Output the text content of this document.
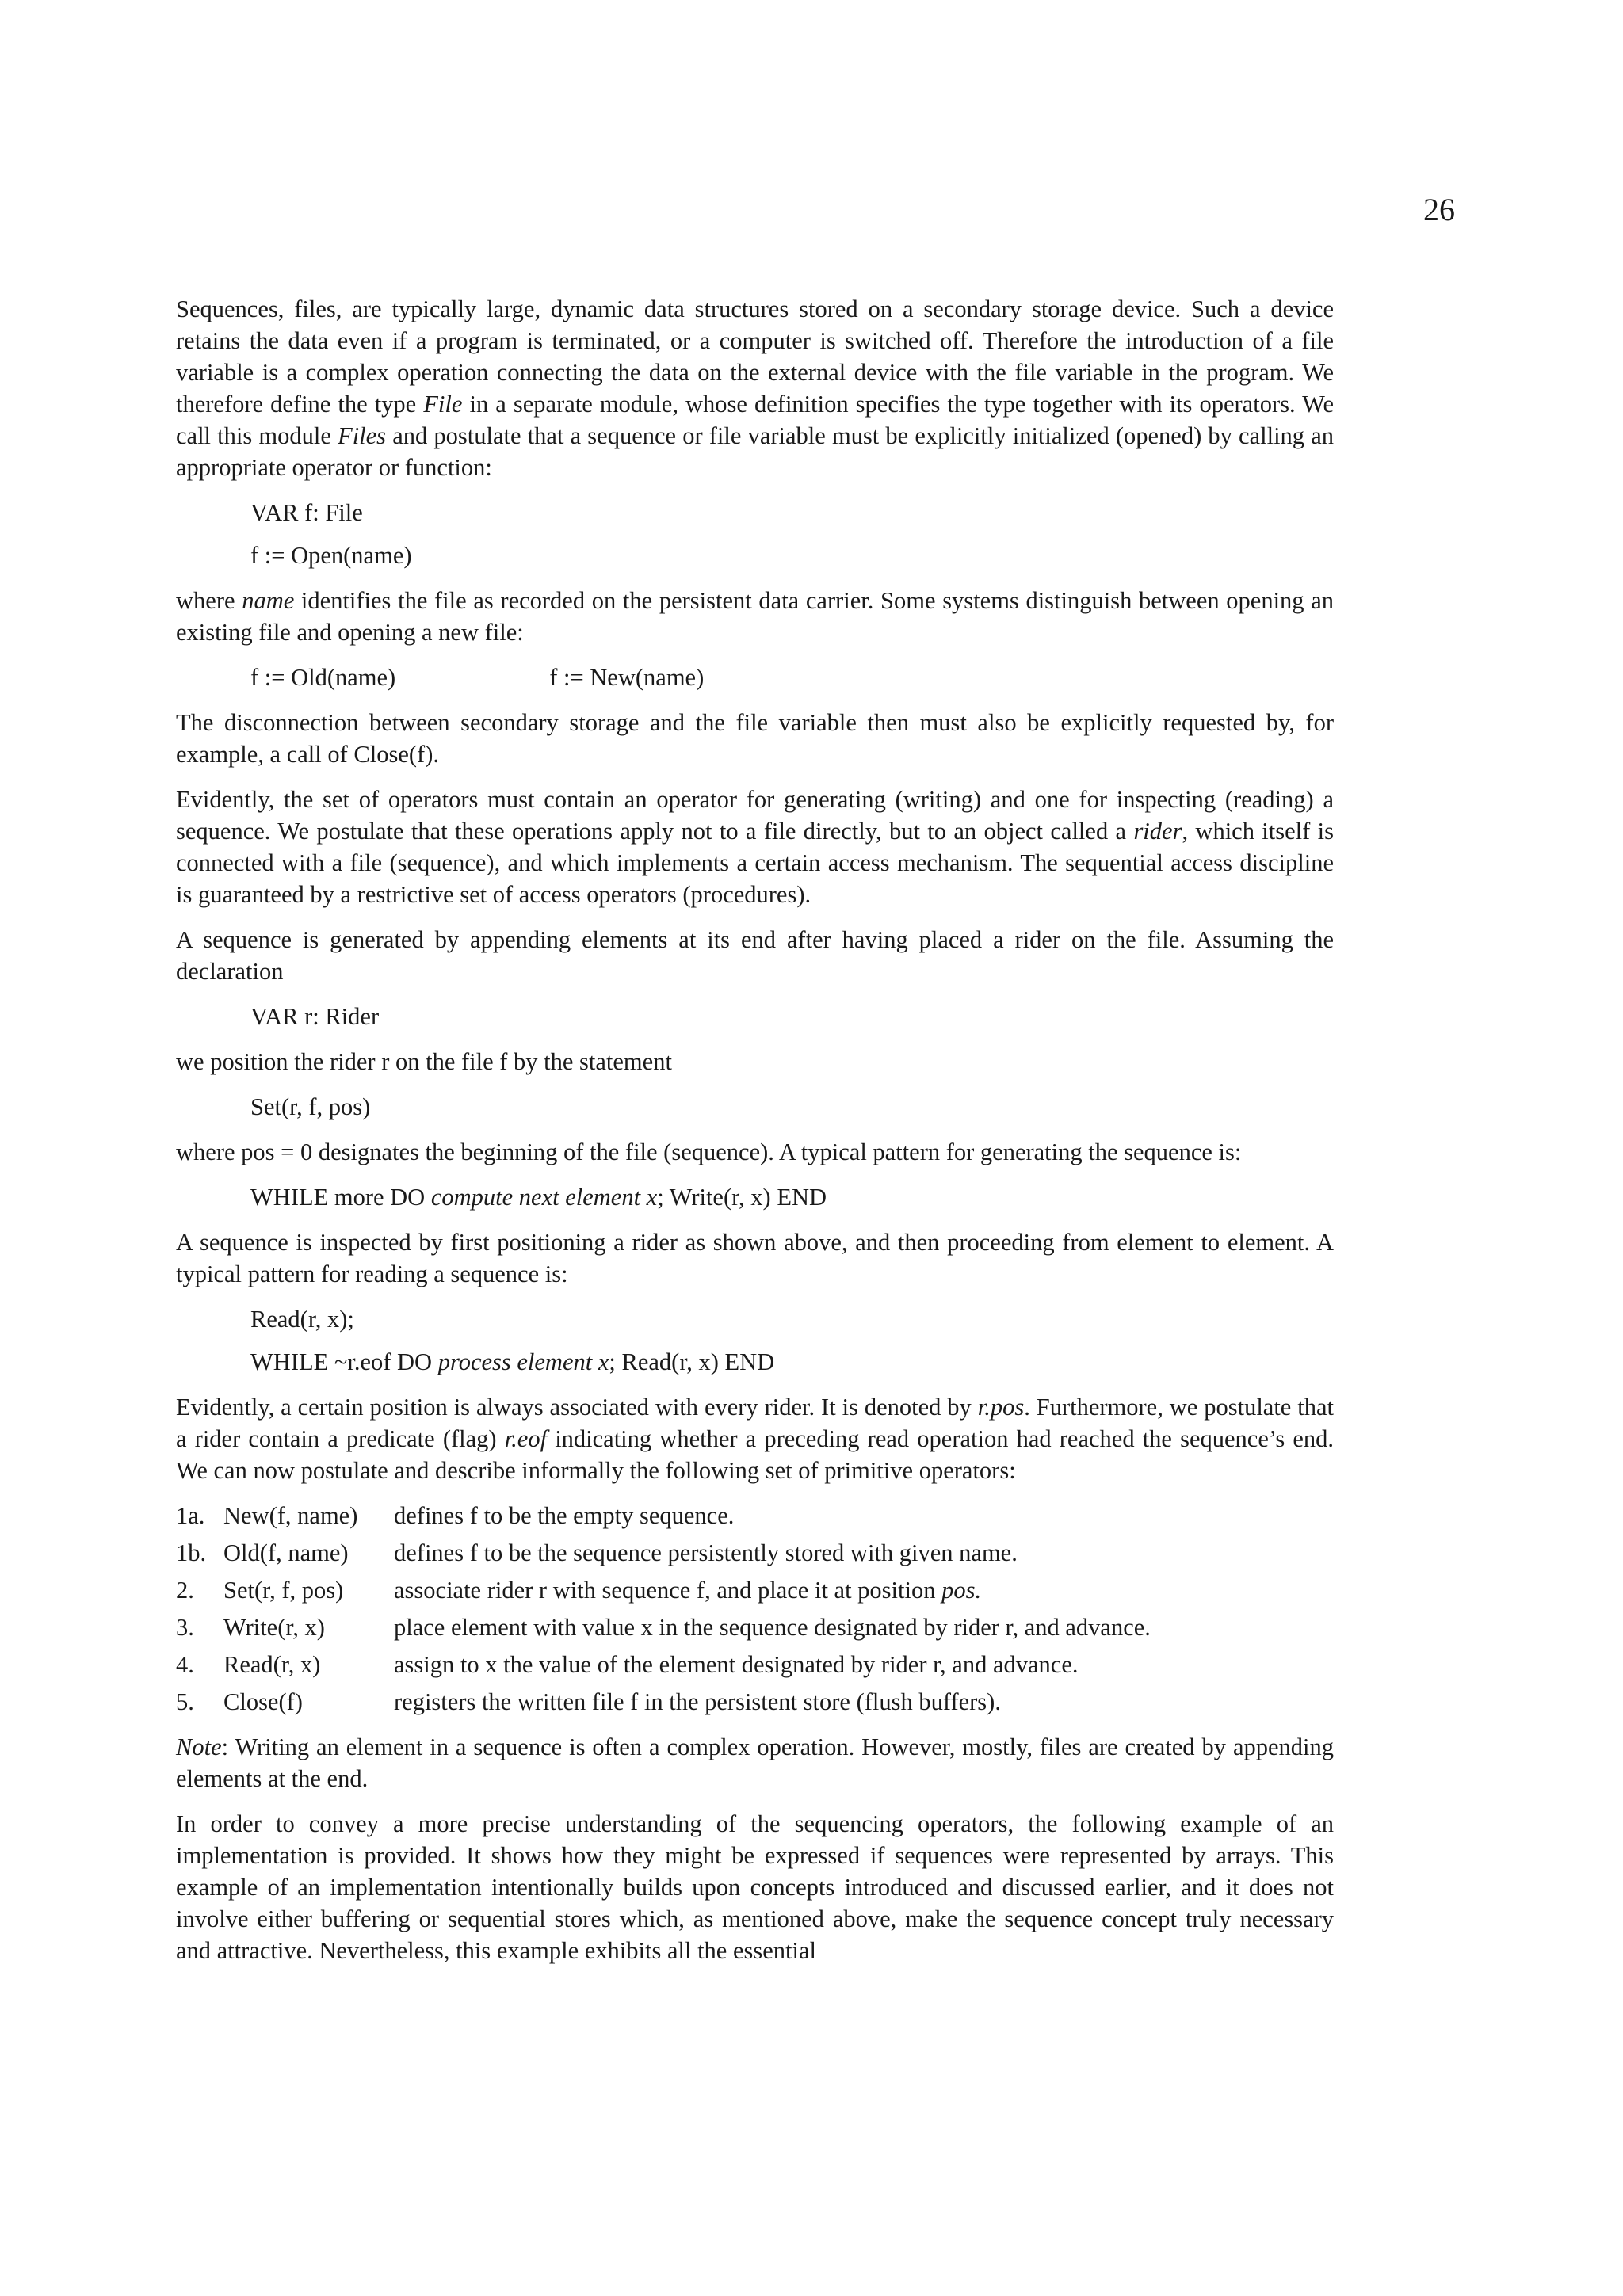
26

Sequences, files, are typically large, dynamic data structures stored on a secondary storage device. Such a device retains the data even if a program is terminated, or a computer is switched off. Therefore the introduction of a file variable is a complex operation connecting the data on the external device with the file variable in the program. We therefore define the type File in a separate module, whose definition specifies the type together with its operators. We call this module Files and postulate that a sequence or file variable must be explicitly initialized (opened) by calling an appropriate operator or function:

VAR f: File
f := Open(name)

where name identifies the file as recorded on the persistent data carrier. Some systems distinguish between opening an existing file and opening a new file:

f := Old(name)	f := New(name)

The disconnection between secondary storage and the file variable then must also be explicitly requested by, for example, a call of Close(f).

Evidently, the set of operators must contain an operator for generating (writing) and one for inspecting (reading) a sequence. We postulate that these operations apply not to a file directly, but to an object called a rider, which itself is connected with a file (sequence), and which implements a certain access mechanism. The sequential access discipline is guaranteed by a restrictive set of access operators (procedures).

A sequence is generated by appending elements at its end after having placed a rider on the file. Assuming the declaration

VAR r: Rider

we position the rider r on the file f by the statement

Set(r, f, pos)

where pos = 0 designates the beginning of the file (sequence). A typical pattern for generating the sequence is:

WHILE more DO compute next element x; Write(r, x) END

A sequence is inspected by first positioning a rider as shown above, and then proceeding from element to element. A typical pattern for reading a sequence is:

Read(r, x);
WHILE ~r.eof DO process element x; Read(r, x) END

Evidently, a certain position is always associated with every rider. It is denoted by r.pos. Furthermore, we postulate that a rider contain a predicate (flag) r.eof indicating whether a preceding read operation had reached the sequence’s end. We can now postulate and describe informally the following set of primitive operators:

1a. New(f, name)	defines f to be the empty sequence.
1b. Old(f, name)	defines f to be the sequence persistently stored with given name.
2.	Set(r, f, pos)	associate rider r with sequence f, and place it at position pos.
3.	Write(r, x)	place element with value x in the sequence designated by rider r, and advance.
4.	Read(r, x)	assign to x the value of the element designated by rider r, and advance.
5.	Close(f)	registers the written file f in the persistent store (flush buffers).

Note: Writing an element in a sequence is often a complex operation. However, mostly, files are created by appending elements at the end.

In order to convey a more precise understanding of the sequencing operators, the following example of an implementation is provided. It shows how they might be expressed if sequences were represented by arrays. This example of an implementation intentionally builds upon concepts introduced and discussed earlier, and it does not involve either buffering or sequential stores which, as mentioned above, make the sequence concept truly necessary and attractive. Nevertheless, this example exhibits all the essential
